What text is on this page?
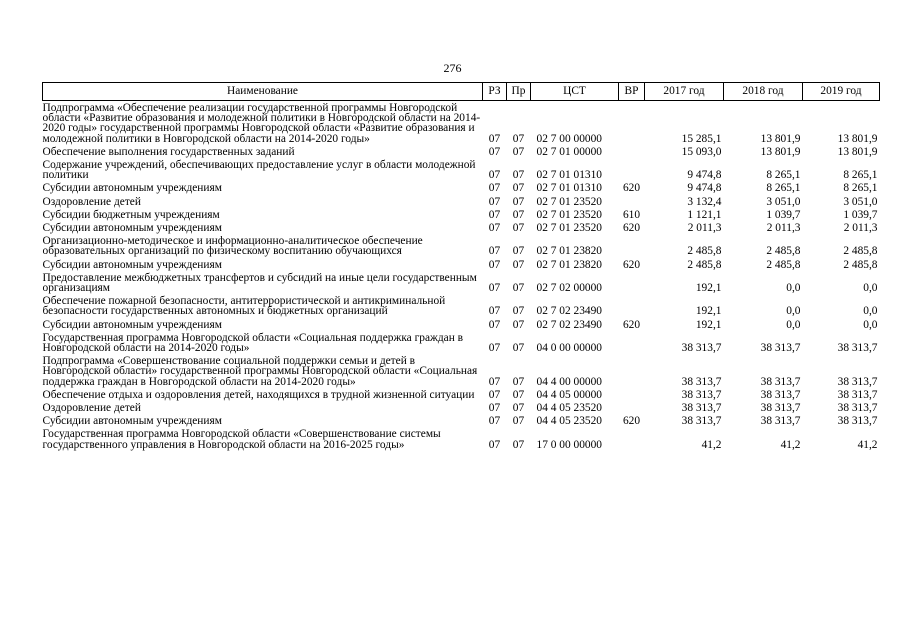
276
Наименование	РЗ	Пр	ЦСТ	ВР	2017 год	2018 год	2019 год
Подпрограмма «Обеспечение реализации государственной программы Новгородской области «Развитие образования и молодежной политики в Новгородской области на 2014-2020 годы» государственной программы Новгородской области «Развитие образования и молодежной политики в Новгородской области на 2014-2020 годы»	07	07	02 7 00 00000		15 285,1	13 801,9	13 801,9
Обеспечение выполнения государственных заданий	07	07	02 7 01 00000		15 093,0	13 801,9	13 801,9
Содержание учреждений, обеспечивающих предоставление услуг в области молодежной политики	07	07	02 7 01 01310		9 474,8	8 265,1	8 265,1
Субсидии автономным учреждениям	07	07	02 7 01 01310	620	9 474,8	8 265,1	8 265,1
Оздоровление детей	07	07	02 7 01 23520		3 132,4	3 051,0	3 051,0
Субсидии бюджетным учреждениям	07	07	02 7 01 23520	610	1 121,1	1 039,7	1 039,7
Субсидии автономным учреждениям	07	07	02 7 01 23520	620	2 011,3	2 011,3	2 011,3
Организационно-методическое и информационно-аналитическое обеспечение образовательных организаций по физическому воспитанию обучающихся	07	07	02 7 01 23820		2 485,8	2 485,8	2 485,8
Субсидии автономным учреждениям	07	07	02 7 01 23820	620	2 485,8	2 485,8	2 485,8
Предоставление межбюджетных трансфертов и субсидий на иные цели государственным организациям	07	07	02 7 02 00000		192,1	0,0	0,0
Обеспечение пожарной безопасности, антитеррористической и антикриминальной безопасности государственных автономных и бюджетных организаций	07	07	02 7 02 23490		192,1	0,0	0,0
Субсидии автономным учреждениям	07	07	02 7 02 23490	620	192,1	0,0	0,0
Государственная программа Новгородской области «Социальная поддержка граждан в Новгородской области на 2014-2020 годы»	07	07	04 0 00 00000		38 313,7	38 313,7	38 313,7
Подпрограмма «Совершенствование социальной поддержки семьи и детей в Новгородской области» государственной программы Новгородской области «Социальная поддержка граждан в Новгородской области на 2014-2020 годы»	07	07	04 4 00 00000		38 313,7	38 313,7	38 313,7
Обеспечение отдыха и оздоровления детей, находящихся в трудной жизненной ситуации	07	07	04 4 05 00000		38 313,7	38 313,7	38 313,7
Оздоровление детей	07	07	04 4 05 23520		38 313,7	38 313,7	38 313,7
Субсидии автономным учреждениям	07	07	04 4 05 23520	620	38 313,7	38 313,7	38 313,7
Государственная программа Новгородской области «Совершенствование системы государственного управления в Новгородской области на 2016-2025 годы»	07	07	17 0 00 00000		41,2	41,2	41,2
